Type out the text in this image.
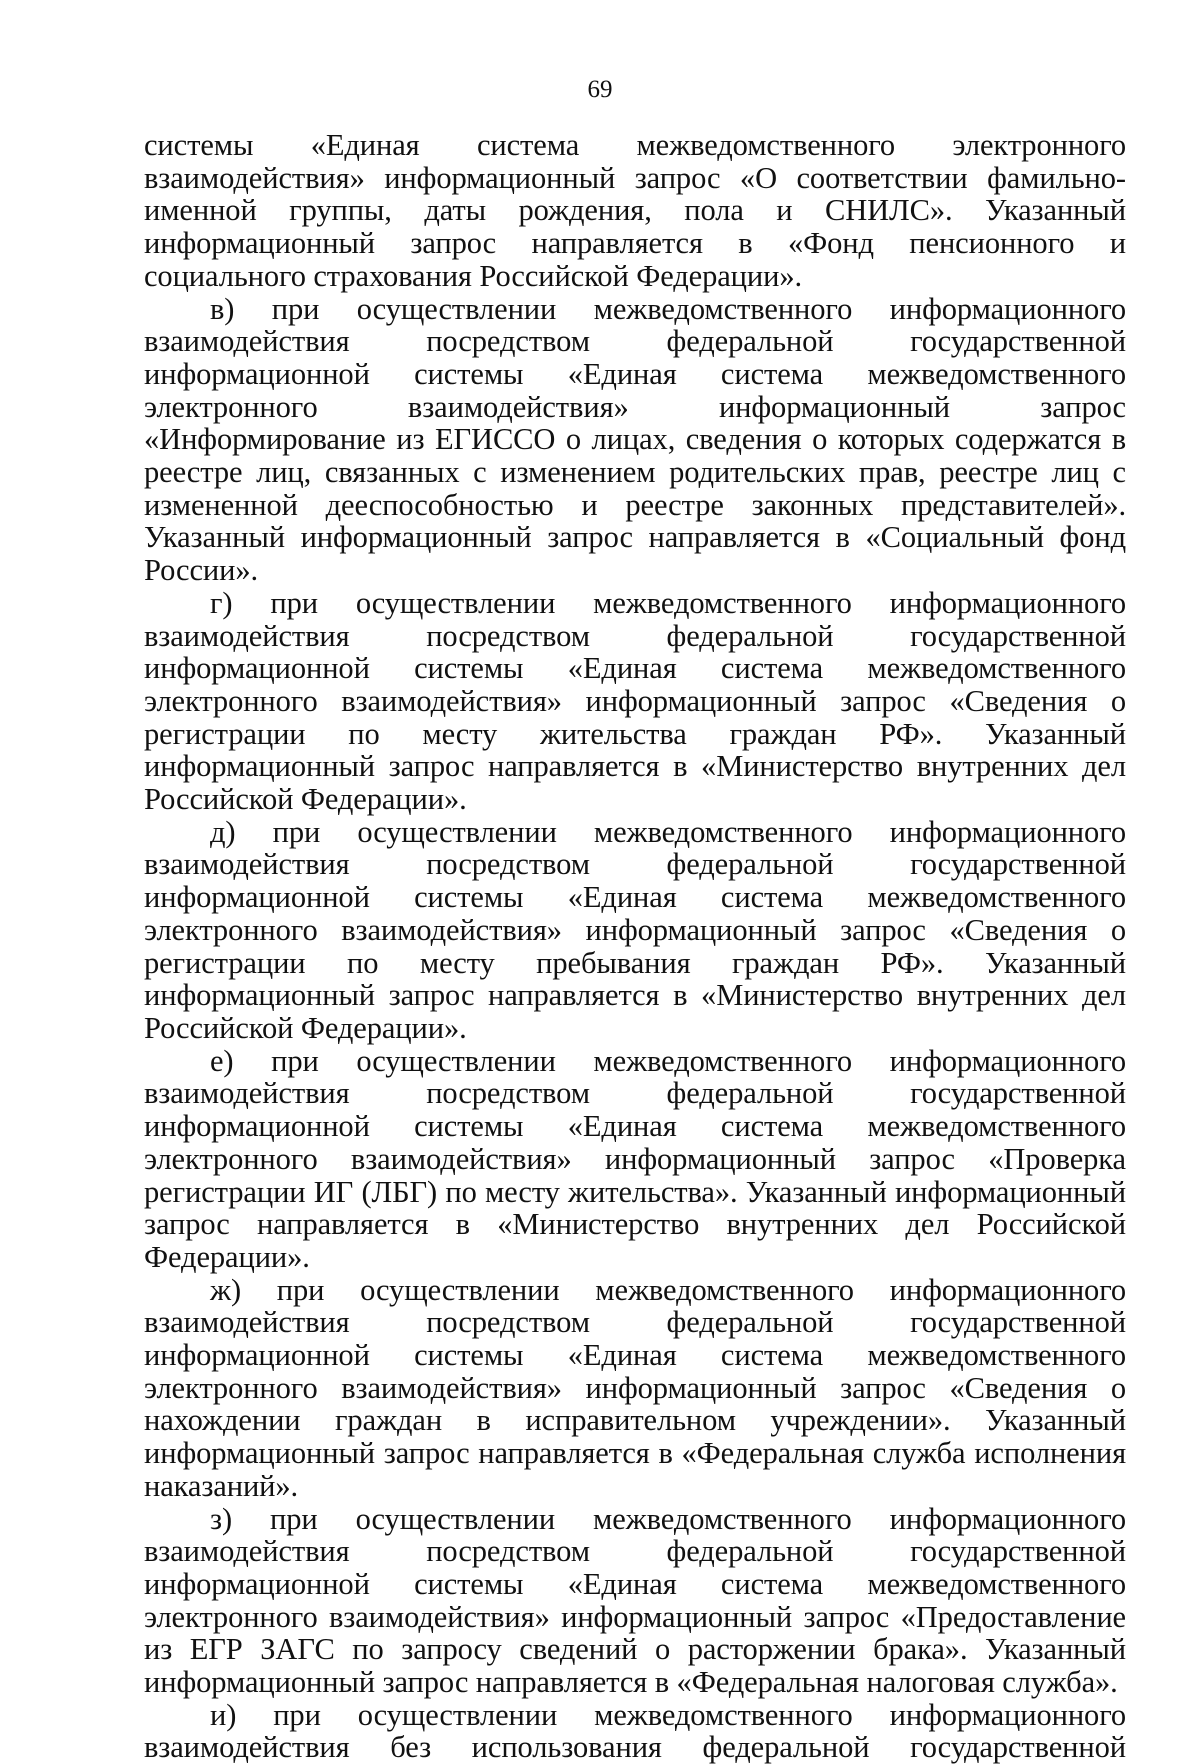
69

системы «Единая система межведомственного электронного взаимодействия» информационный запрос «О соответствии фамильно-именной группы, даты рождения, пола и СНИЛС». Указанный информационный запрос направляется в «Фонд пенсионного и социального страхования Российской Федерации».

в) при осуществлении межведомственного информационного взаимодействия посредством федеральной государственной информационной системы «Единая система межведомственного электронного взаимодействия» информационный запрос «Информирование из ЕГИССО о лицах, сведения о которых содержатся в реестре лиц, связанных с изменением родительских прав, реестре лиц с измененной дееспособностью и реестре законных представителей». Указанный информационный запрос направляется в «Социальный фонд России».

г) при осуществлении межведомственного информационного взаимодействия посредством федеральной государственной информационной системы «Единая система межведомственного электронного взаимодействия» информационный запрос «Сведения о регистрации по месту жительства граждан РФ». Указанный информационный запрос направляется в «Министерство внутренних дел Российской Федерации».

д) при осуществлении межведомственного информационного взаимодействия посредством федеральной государственной информационной системы «Единая система межведомственного электронного взаимодействия» информационный запрос «Сведения о регистрации по месту пребывания граждан РФ». Указанный информационный запрос направляется в «Министерство внутренних дел Российской Федерации».

е) при осуществлении межведомственного информационного взаимодействия посредством федеральной государственной информационной системы «Единая система межведомственного электронного взаимодействия» информационный запрос «Проверка регистрации ИГ (ЛБГ) по месту жительства». Указанный информационный запрос направляется в «Министерство внутренних дел Российской Федерации».

ж) при осуществлении межведомственного информационного взаимодействия посредством федеральной государственной информационной системы «Единая система межведомственного электронного взаимодействия» информационный запрос «Сведения о нахождении граждан в исправительном учреждении». Указанный информационный запрос направляется в «Федеральная служба исполнения наказаний».

з) при осуществлении межведомственного информационного взаимодействия посредством федеральной государственной информационной системы «Единая система межведомственного электронного взаимодействия» информационный запрос «Предоставление из ЕГР ЗАГС по запросу сведений о расторжении брака». Указанный информационный запрос направляется в «Федеральная налоговая служба».

и) при осуществлении межведомственного информационного взаимодействия без использования федеральной государственной
